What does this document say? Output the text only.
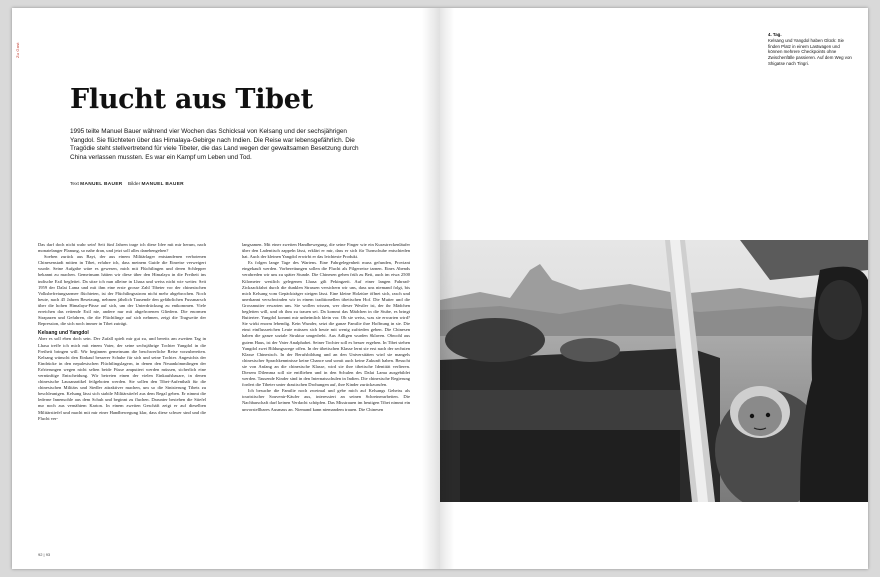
Zu Gast
Flucht aus Tibet
1995 teilte Manuel Bauer während vier Wochen das Schicksal von Kelsang und der sechsjährigen Yangdol. Sie flüchteten über das Himalaya-Gebirge nach Indien. Die Reise war lebensgefährlich. Die Tragödie steht stellvertretend für viele Tibeter, die das Land wegen der gewaltsamen Besetzung durch China verlassen mussten. Es war ein Kampf um Leben und Tod.
Text MANUEL BAUER Bilder MANUEL BAUER

Das darf doch nicht wahr sein! Seit fünf Jahren trage ich diese Idee mit mir herum, nach monatelanger Planung, so nahe dran, und jetzt soll alles danebengehen?

Soeben zurück aus Bayi, der aus einem Militärlager entstandenen verbotenen Chinesenstadt mitten in Tibet, erfahre ich, dass meinem Guide die Einreise verweigert wurde. Seine Aufgabe wäre es gewesen, mich mit Flüchtlingen und deren Schlepper bekannt zu machen. Gemeinsam hätten wir diese über den Himalaya in die Freiheit ins indische Exil begleitet. Da sitze ich nun alleine in Lhasa und weiss nicht wie weiter. Seit 1959 der Dalai Lama und mit ihm eine erste grosse Zahl Tibeter vor der chinesischen Volksbefreiungsarmee flüchteten, ist der Flüchtlingsstrom nicht mehr abgebrochen. Noch heute, nach 45 Jahren Besetzung, nehmen jährlich Tausende den gefährlichen Fussmarsch über die hohen Himalaya-Pässe auf sich, um der Unterdrückung zu entkommen. Viele erreichen das rettende Exil nie, andere nur mit abgefrorenen Gliedern. Die enormen Strapazen und Gefahren, die die Flüchtlinge auf sich nehmen, zeigt die Tragweite der Repression, die sich noch immer in Tibet zuträgt.

Kelsang und Yangdol

Aber es soll eben doch sein. Der Zufall spielt mir gut zu, und bereits am zweiten Tag in Lhasa treffe ich mich mit einem Vater, der seine sechsjährige Tochter Yangdol in die Freiheit bringen will. Wir beginnen gemeinsam die beschwerliche Reise vorzubereiten. Kelsang wünscht den Einkauf besserer Schuhe für sich und seine Tochter. Angesichts der Eindrücke in den nepalesischen Flüchtlingslagern, in denen den Neuankömmlingen der Erfrierungen wegen nicht selten beide Füsse amputiert werden müssen, sicherlich eine vernünftige Entscheidung. Wir betreten einen der vielen Einkaufsbasare, in denen chinesische Lausanartikel feilgeboten werden. Sie sollen den Tibet-Aufenthalt für die chinesischen Militärs und Siedler attraktiver machen, um so die Sinisierung Tibets zu beschleunigen. Kelsang lässt sich stabile Militärstiefel aus dem Regal geben. Er nimmt die lederne Innensohle aus dem Schuh und beginnt zu fluchen. Darunter bestehen die Stiefel nur noch aus vernähtem Karton. In einem zweiten Geschäft zeigt er auf dieselben Militärstiefel und macht mit mir einer Handbewegung klar, dass diese schwer sind und die Flucht ver-

langsamen. Mit einer zweiten Handbewegung, die seine Finger wie ein Kurzstreckenläufer über den Ladentisch zappeln lässt, erklärt er mir, dass er sich für Turnschuhe entschieden hat. Auch der kleinen Yangdol erwirbt er das leichteste Produkt.

Es folgen lange Tage des Wartens. Eine Fahrgelegenheit muss gefunden, Proviant eingekauft werden. Vorbereitungen sollen die Flucht als Pilgerreise tarnen. Eines Abends verabreden wir uns zu später Stunde. Die Chinesen gehen früh zu Bett, auch im etwa 2500 Kilometer westlich gelegenen Lhasa gilt Pekingzeit. Auf einer langen Fahrrad-Zickzackfahrt durch die dunklen Strassen versichern wir uns, dass uns niemand folgt, bis mich Kelsang vom Gepäckträger steigen lässt. Eine kleine Holztüre öffnet sich, rasch und unerkannt verschwinden wir in einem traditionellen tibetischen Hof. Die Mutter und die Grossmutter erwarten uns. Sie wollen wissen, wer dieser Westler ist, der ihr Mädchen begleiten will, und ob ihm zu trauen sei. Da kommt das Mädchen in die Stube, es bringt Buttertee. Yangdol kommt mir unheimlich klein vor. Ob sie weiss, was sie erwarten wird? Sie wirkt enorm lebendig. Kein Wunder, setzt die ganze Familie ihre Hoffnung in sie. Die einst einflussreichen Leute müssen sich heute mit wenig zufrieden geben. Die Chinesen haben die ganze soziale Struktur umgedreht. Aus Adligen wurden Sklaven. Obwohl aus gutem Haus, ist der Vater Analphabet. Seiner Tochter soll es besser ergehen. In Tibet stehen Yangdol zwei Bildungswege offen. In der tibetischen Klasse lernt sie erst nach der sechsten Klasse Chinesisch. In der Berufsbildung und an den Universitäten wird sie mangels chinesischer Sprachkenntnisse keine Chance und somit auch keine Zukunft haben. Besucht sie von Anfang an die chinesische Klasse, wird sie ihre tibetische Identität verlieren. Diesem Dilemma soll sie entfliehen und in den Schulen des Dalai Lama ausgebildet werden. Tausende Kinder sind in den Internatsschulen in Indien. Die chinesische Regierung fordert die Tibeter unter drastischen Drohungen auf, ihre Kinder zurückzurufen.

Ich besuche die Familie noch zweimal und gebe mich auf Kelsangs Geheiss als touristischer Souvenir-Käufer aus, interessiert an seinen Schreinerarbeiten. Die Nachbarschaft darf keinen Verdacht schöpfen. Das Misstrauen im heutigen Tibet nimmt ein unvorstellbares Ausmass an. Niemand kann niemandem trauen. Die Chinesen

92 | 93
4. Tag.
Kelsang und Yangdol haben Glück: Sie finden Platz in einem Lastwagen und können mehrere Checkpoints ohne Zwischenfälle passieren. Auf dem Weg von Shigatse nach Tingri.
